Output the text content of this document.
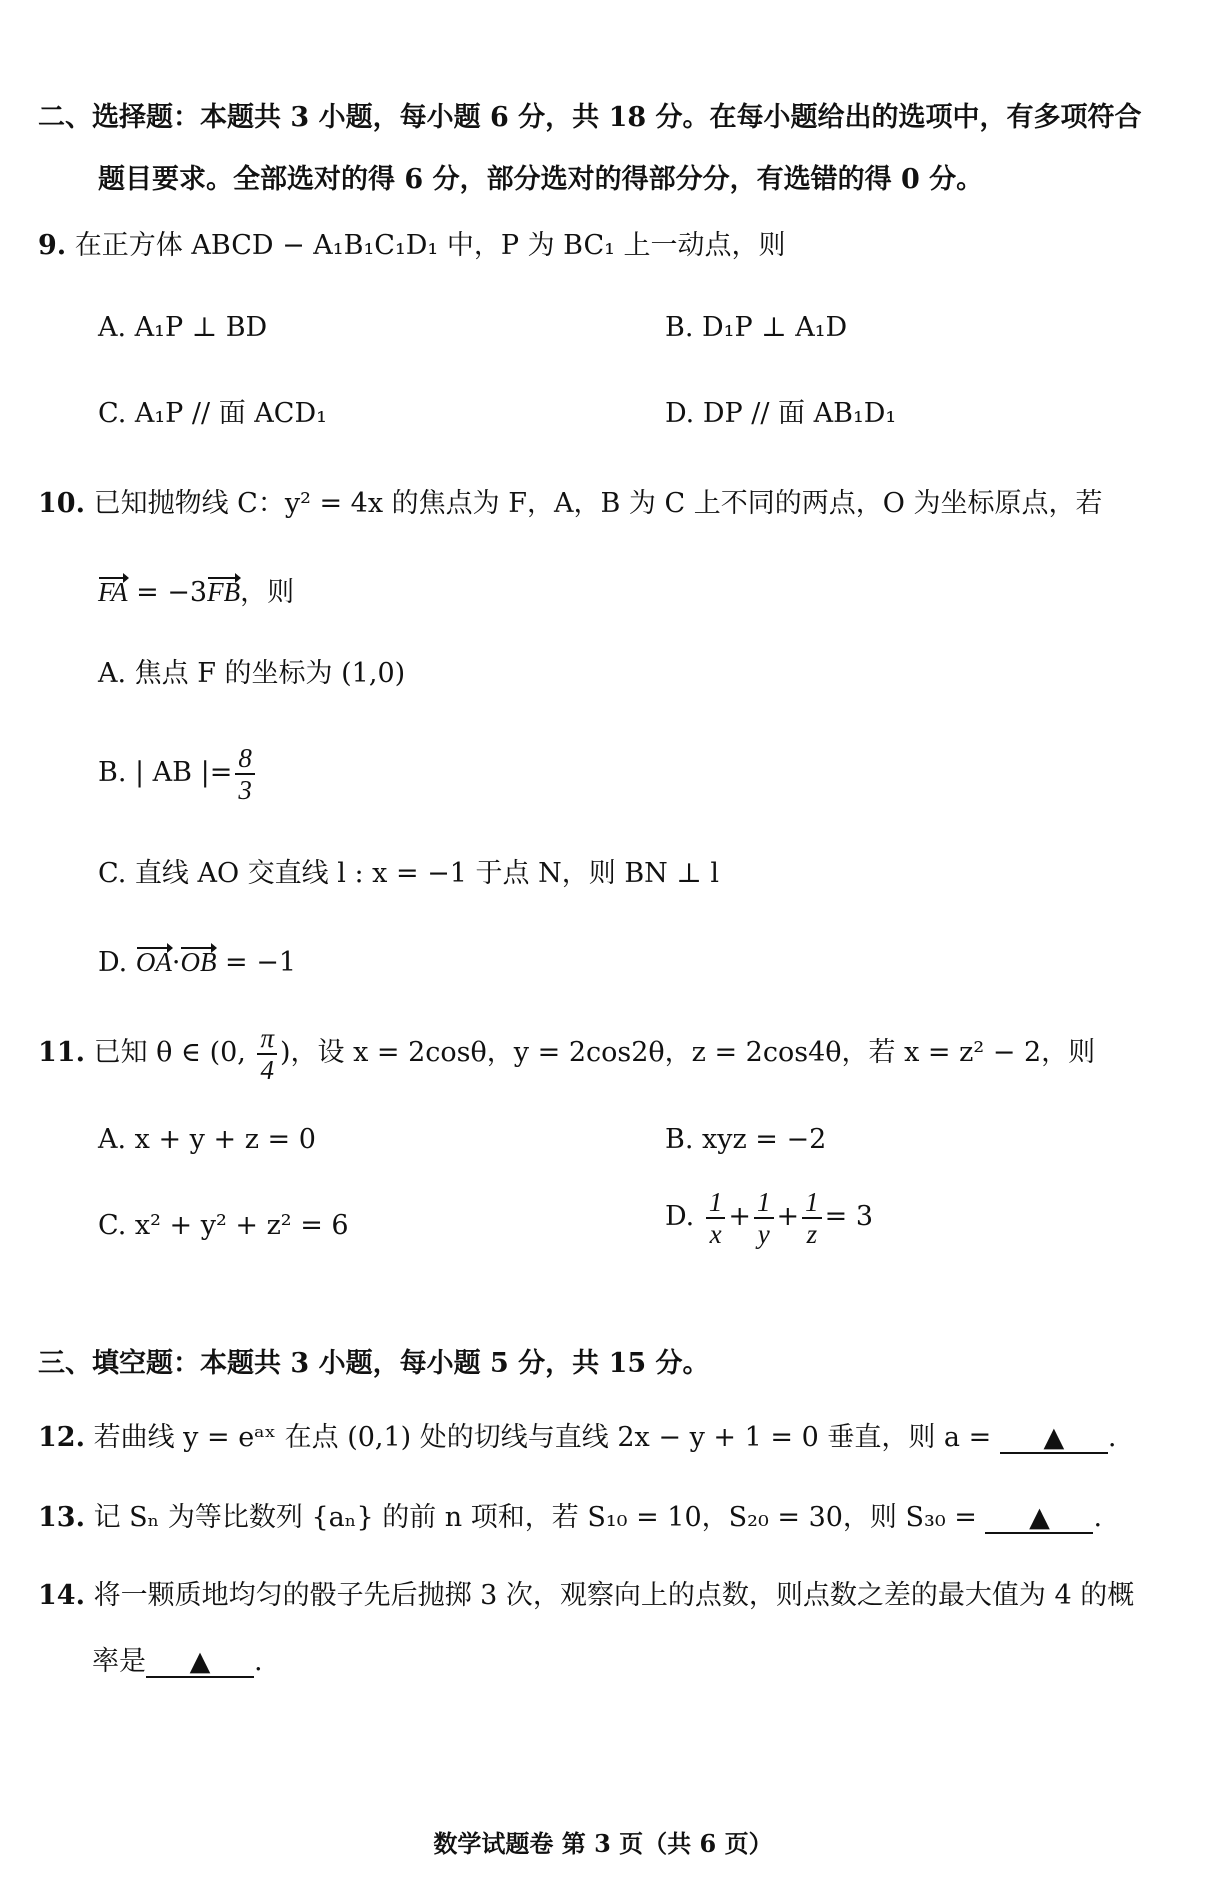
二、选择题：本题共 3 小题，每小题 6 分，共 18 分。在每小题给出的选项中，有多项符合
题目要求。全部选对的得 6 分，部分选对的得部分分，有选错的得 0 分。
9. 在正方体 ABCD − A₁B₁C₁D₁ 中，P 为 BC₁ 上一动点，则
A. A₁P ⊥ BD	B. D₁P ⊥ A₁D
C. A₁P // 面 ACD₁	D. DP // 面 AB₁D₁
10. 已知抛物线 C：y² = 4x 的焦点为 F，A，B 为 C 上不同的两点，O 为坐标原点，若
FA = −3FB，则
A. 焦点 F 的坐标为 (1,0)
B. | AB |= $\frac{8}{3}$
C. 直线 AO 交直线 l : x = −1 于点 N，则 BN ⊥ l
D. OA·OB = −1
11. 已知 θ ∈ (0, $\frac{\pi}{4}$ )，设 x = 2cosθ，y = 2cos2θ，z = 2cos4θ，若 x = z² − 2，则
A. x + y + z = 0	B. xyz = −2
C. x² + y² + z² = 6	D. $\frac{1}{x} + \frac{1}{y} + \frac{1}{z} = 3$
三、填空题：本题共 3 小题，每小题 5 分，共 15 分。
12. 若曲线 y = eᵃˣ 在点 (0,1) 处的切线与直线 2x − y + 1 = 0 垂直，则 a = ▲ .
13. 记 Sₙ 为等比数列 {aₙ} 的前 n 项和，若 S₁₀ = 10，S₂₀ = 30，则 S₃₀ = ▲ .
14. 将一颗质地均匀的骰子先后抛掷 3 次，观察向上的点数，则点数之差的最大值为 4 的概
率是 ▲ .
数学试题卷 第 3 页（共 6 页）
